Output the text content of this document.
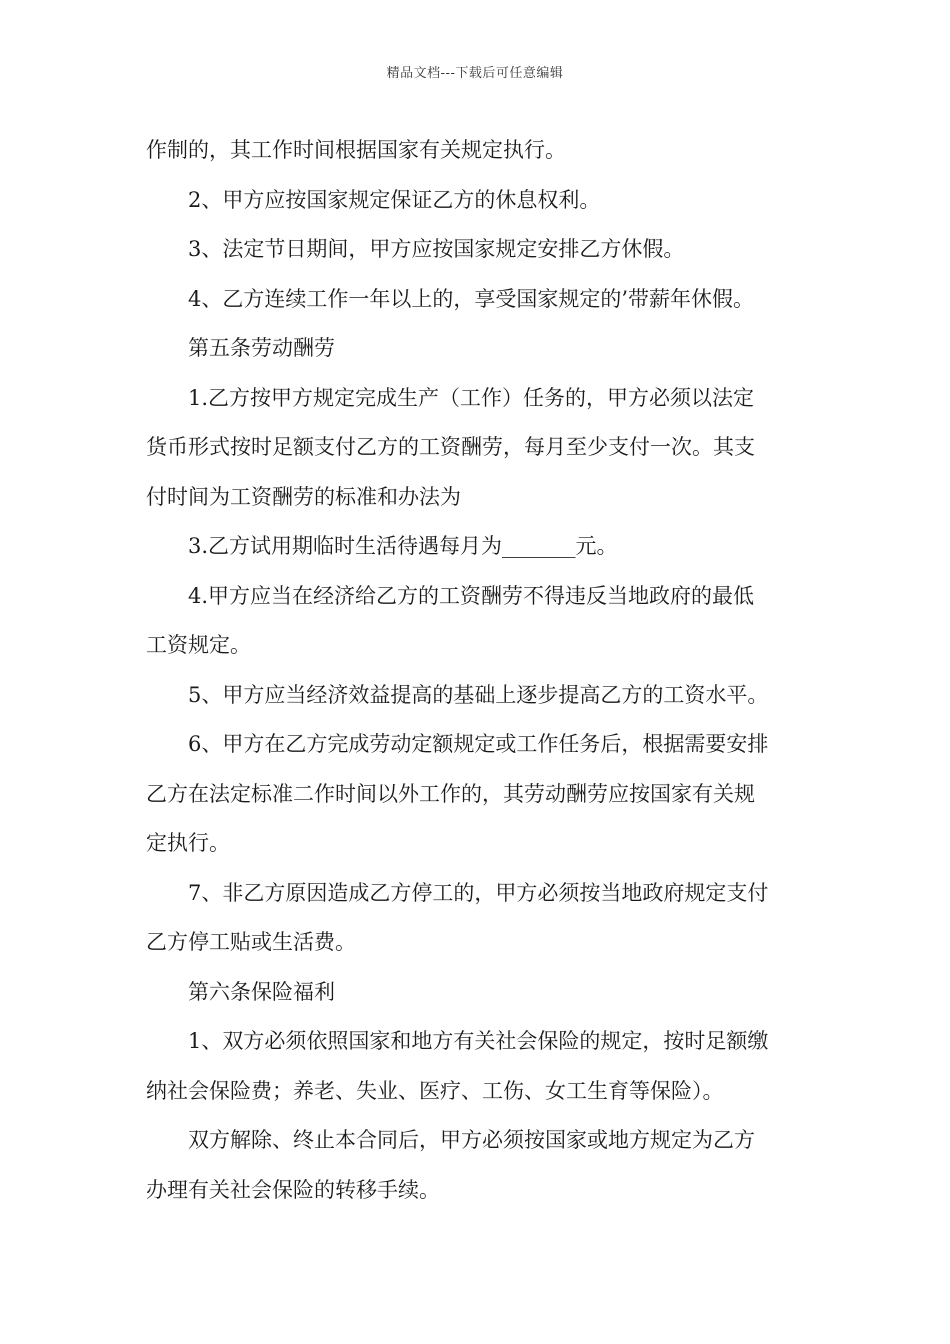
精品文档---下载后可任意编辑
作制的，其工作时间根据国家有关规定执行。
2、甲方应按国家规定保证乙方的休息权利。
3、法定节日期间，甲方应按国家规定安排乙方休假。
4、乙方连续工作一年以上的，享受国家规定的’带薪年休假。
第五条劳动酬劳
1.乙方按甲方规定完成生产（工作）任务的，甲方必须以法定
货币形式按时足额支付乙方的工资酬劳，每月至少支付一次。其支
付时间为工资酬劳的标准和办法为
3.乙方试用期临时生活待遇每月为_______元。
4.甲方应当在经济给乙方的工资酬劳不得违反当地政府的最低
工资规定。
5、甲方应当经济效益提高的基础上逐步提高乙方的工资水平。
6、甲方在乙方完成劳动定额规定或工作任务后，根据需要安排
乙方在法定标准二作时间以外工作的，其劳动酬劳应按国家有关规
定执行。
7、非乙方原因造成乙方停工的，甲方必须按当地政府规定支付
乙方停工贴或生活费。
第六条保险福利
1、双方必须依照国家和地方有关社会保险的规定，按时足额缴
纳社会保险费；养老、失业、医疗、工伤、女工生育等保险）。
双方解除、终止本合同后，甲方必须按国家或地方规定为乙方
办理有关社会保险的转移手续。
